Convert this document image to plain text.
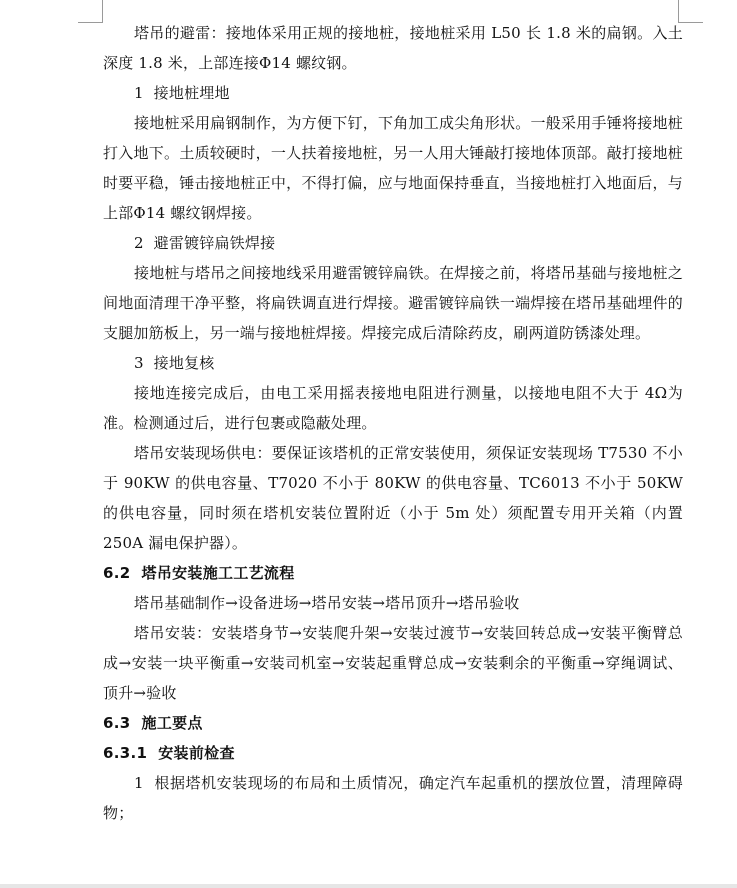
塔吊的避雷：接地体采用正规的接地桩，接地桩采用 L50 长 1.8 米的扁钢。入土深度 1.8 米，上部连接Φ14 螺纹钢。

1  接地桩埋地

接地桩采用扁钢制作，为方便下钉，下角加工成尖角形状。一般采用手锤将接地桩打入地下。土质较硬时，一人扶着接地桩，另一人用大锤敲打接地体顶部。敲打接地桩时要平稳，锤击接地桩正中，不得打偏，应与地面保持垂直，当接地桩打入地面后，与上部Φ14 螺纹钢焊接。

2  避雷镀锌扁铁焊接

接地桩与塔吊之间接地线采用避雷镀锌扁铁。在焊接之前，将塔吊基础与接地桩之间地面清理干净平整，将扁铁调直进行焊接。避雷镀锌扁铁一端焊接在塔吊基础埋件的支腿加筋板上，另一端与接地桩焊接。焊接完成后清除药皮，刷两道防锈漆处理。

3  接地复核

接地连接完成后，由电工采用摇表接地电阻进行测量，以接地电阻不大于 4Ω为准。检测通过后，进行包裹或隐蔽处理。

塔吊安装现场供电：要保证该塔机的正常安装使用，须保证安装现场 T7530 不小于 90KW 的供电容量、T7020 不小于 80KW 的供电容量、TC6013 不小于 50KW 的供电容量，同时须在塔机安装位置附近（小于 5m 处）须配置专用开关箱（内置 250A 漏电保护器）。

6.2  塔吊安装施工工艺流程

塔吊基础制作→设备进场→塔吊安装→塔吊顶升→塔吊验收

塔吊安装：安装塔身节→安装爬升架→安装过渡节→安装回转总成→安装平衡臂总成→安装一块平衡重→安装司机室→安装起重臂总成→安装剩余的平衡重→穿绳调试、顶升→验收

6.3  施工要点

6.3.1  安装前检查

1  根据塔机安装现场的布局和土质情况，确定汽车起重机的摆放位置，清理障碍物；
